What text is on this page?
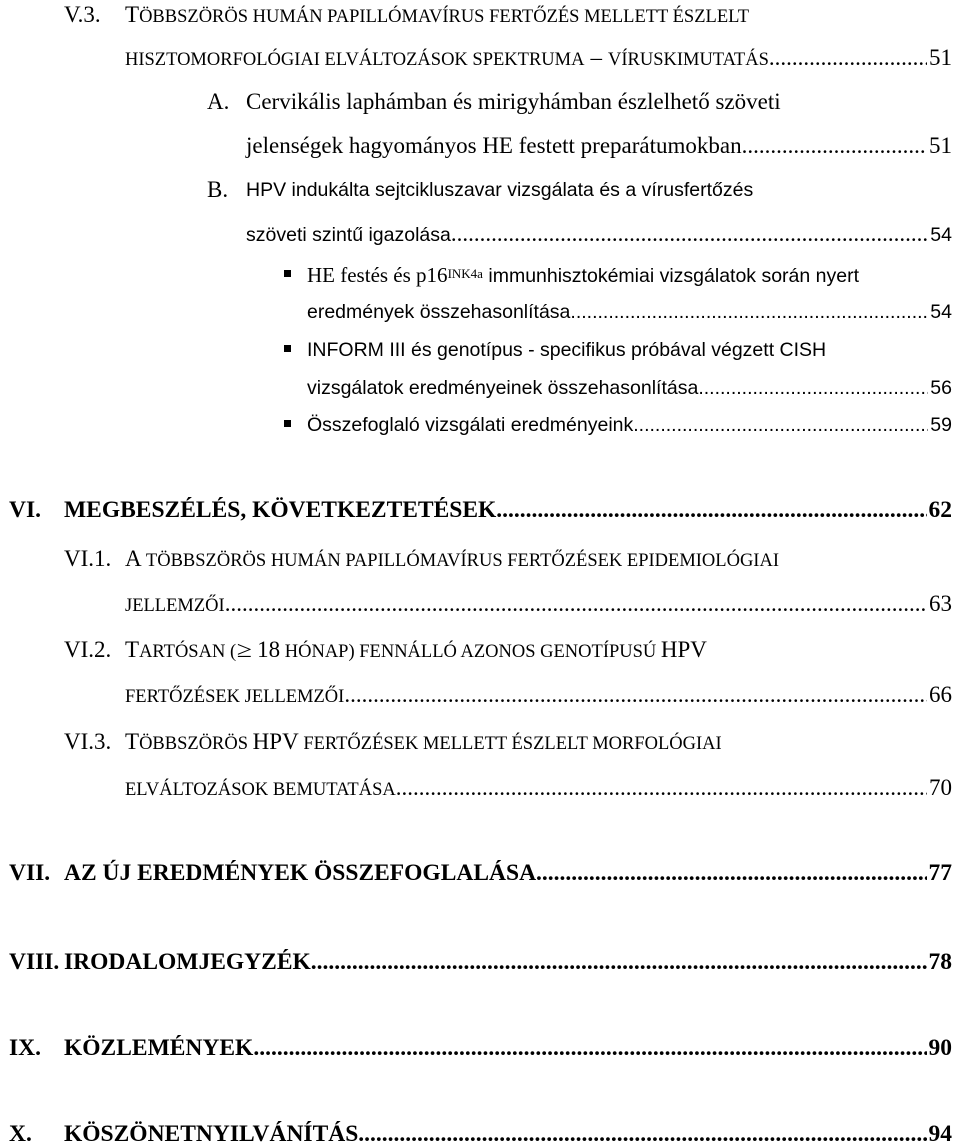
V.3. TÖBBSZÖRÖS HUMÁN PAPILLÓMAVÍRUS FERTŐZÉS MELLETT ÉSZLELT
HISZTOMORFOLÓGIAI ELVÁLTOZÁSOK SPEKTRUMA – VÍRUSKIMUTATÁS .....	51
A. Cervikális laphámban és mirigyhámban észlelhető szöveti
jelenségek hagyományos HE festett preparátumokban .....	51
B. HPV indukálta sejtcikluszavar vizsgálata és a vírusfertőzés
szöveti szintű igazolása .....	54
HE festés és $p16^{INK4a}$ immunhisztokémiai vizsgálatok során nyert
eredmények összehasonlítása .....	54
INFORM III és genotípus - specifikus próbával végzett CISH
vizsgálatok eredményeinek összehasonlítása .....	56
Összefoglaló vizsgálati eredményeink .....	59
VI. MEGBESZÉLÉS, KÖVETKEZTETÉSEK .....	62
VI.1. A TÖBBSZÖRÖS HUMÁN PAPILLÓMAVÍRUS FERTŐZÉSEK EPIDEMIOLÓGIAI
JELLEMZŐI .....	63
VI.2. TARTÓSAN (≥ 18 HÓNAP) FENNÁLLÓ AZONOS GENOTÍPUSÚ HPV
FERTŐZÉSEK JELLEMZŐI .....	66
VI.3. TÖBBSZÖRÖS HPV FERTŐZÉSEK MELLETT ÉSZLELT MORFOLÓGIAI
ELVÁLTOZÁSOK BEMUTATÁSA .....	70
VII. AZ ÚJ EREDMÉNYEK ÖSSZEFOGLALÁSA .....	77
VIII. IRODALOMJEGYZÉK .....	78
IX. KÖZLEMÉNYEK .....	90
X. KÖSZÖNETNYILVÁNÍTÁS .....	94
